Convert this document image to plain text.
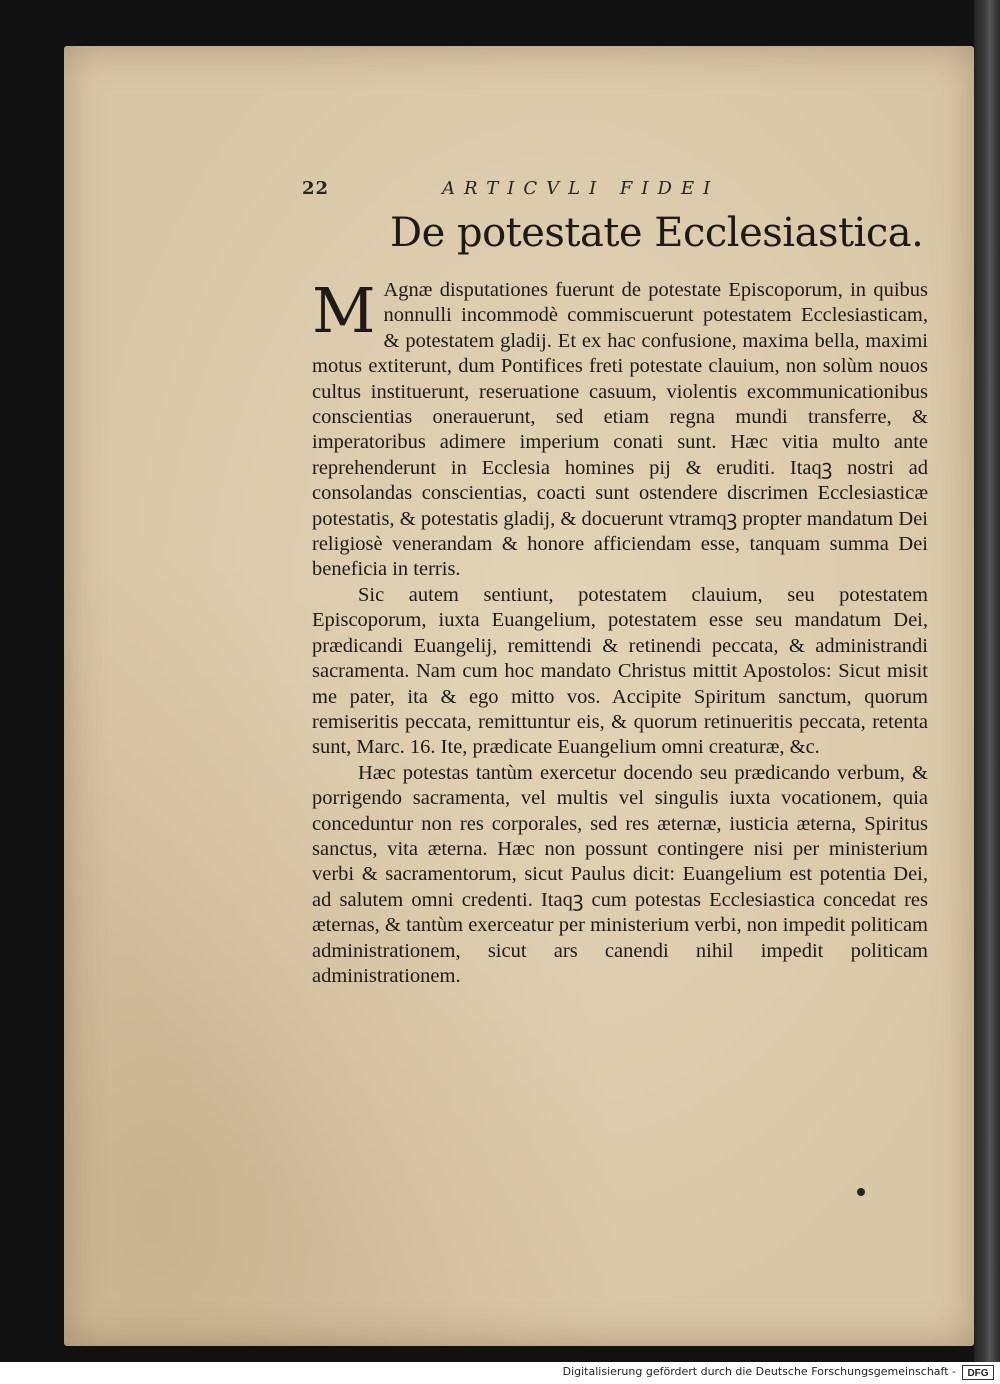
22	ARTICVLI FIDEI
De potestate Ecclesiastica.

M Agnæ disputationes fuerunt de potestate Episcoporum, in quibus nonnulli incommodè commiscuerunt potestatem Ecclesiasticam, & potestatem gladij. Et ex hac confusione, maxima bella, maximi motus extiterunt, dum Pontifices freti potestate clauium, non solùm nouos cultus instituerunt, reseruatione casuum, violentis excommunicationibus conscientias onerauerunt, sed etiam regna mundi transferre, & imperatoribus adimere imperium conati sunt. Hæc vitia multo ante reprehenderunt in Ecclesia homines pij & eruditi. Itaqꝫ nostri ad consolandas conscientias, coacti sunt ostendere discrimen Ecclesiasticæ potestatis, & potestatis gladij, & docuerunt vtramqꝫ propter mandatum Dei religiosè venerandam & honore afficiendam esse, tanquam summa Dei beneficia in terris.

Sic autem sentiunt, potestatem clauium, seu potestatem Episcoporum, iuxta Euangelium, potestatem esse seu mandatum Dei, prædicandi Euangelij, remittendi & retinendi peccata, & administrandi sacramenta. Nam cum hoc mandato Christus mittit Apostolos: Sicut misit me pater, ita & ego mitto vos. Accipite Spiritum sanctum, quorum remiseritis peccata, remittuntur eis, & quorum retinueritis peccata, retenta sunt, Marc. 16. Ite, prædicate Euangelium omni creaturæ, &c.

Hæc potestas tantùm exercetur docendo seu prædicando verbum, & porrigendo sacramenta, vel multis vel singulis iuxta vocationem, quia conceduntur non res corporales, sed res æternæ, iusticia æterna, Spiritus sanctus, vita æterna. Hæc non possunt contingere nisi per ministerium verbi & sacramentorum, sicut Paulus dicit: Euangelium est potentia Dei, ad salutem omni credenti. Itaqꝫ cum potestas Ecclesiastica concedat res æternas, & tantùm exerceatur per ministerium verbi, non impedit politicam administrationem, sicut ars canendi nihil impedit politicam administrationem.

Digitalisierung gefördert durch die Deutsche Forschungsgemeinschaft -	DFG
